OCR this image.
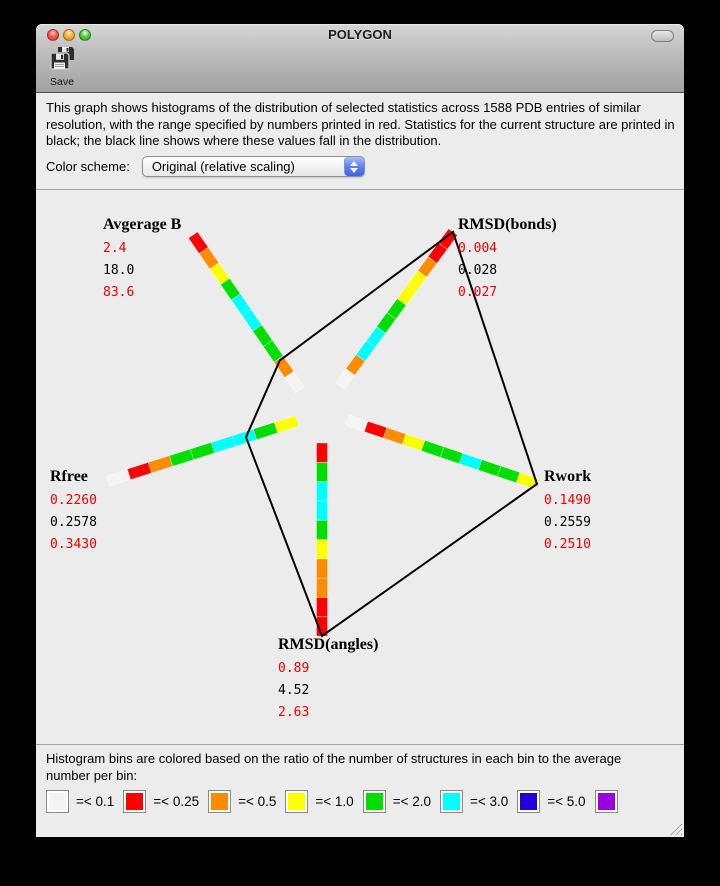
POLYGON
Save

This graph shows histograms of the distribution of selected statistics across 1588 PDB entries of similar resolution, with the range specified by numbers printed in red. Statistics for the current structure are printed in black; the black line shows where these values fall in the distribution.

Color scheme: Original (relative scaling)
Avgerage B
2.4
18.0
83.6
RMSD(bonds)
0.004
0.028
0.027
Rwork
0.1490
0.2559
0.2510
RMSD(angles)
0.89
4.52
2.63
Rfree
0.2260
0.2578
0.3430

Histogram bins are colored based on the ratio of the number of structures in each bin to the average number per bin:

=< 0.1	=< 0.25	=< 0.5	=< 1.0	=< 2.0	=< 3.0	=< 5.0
